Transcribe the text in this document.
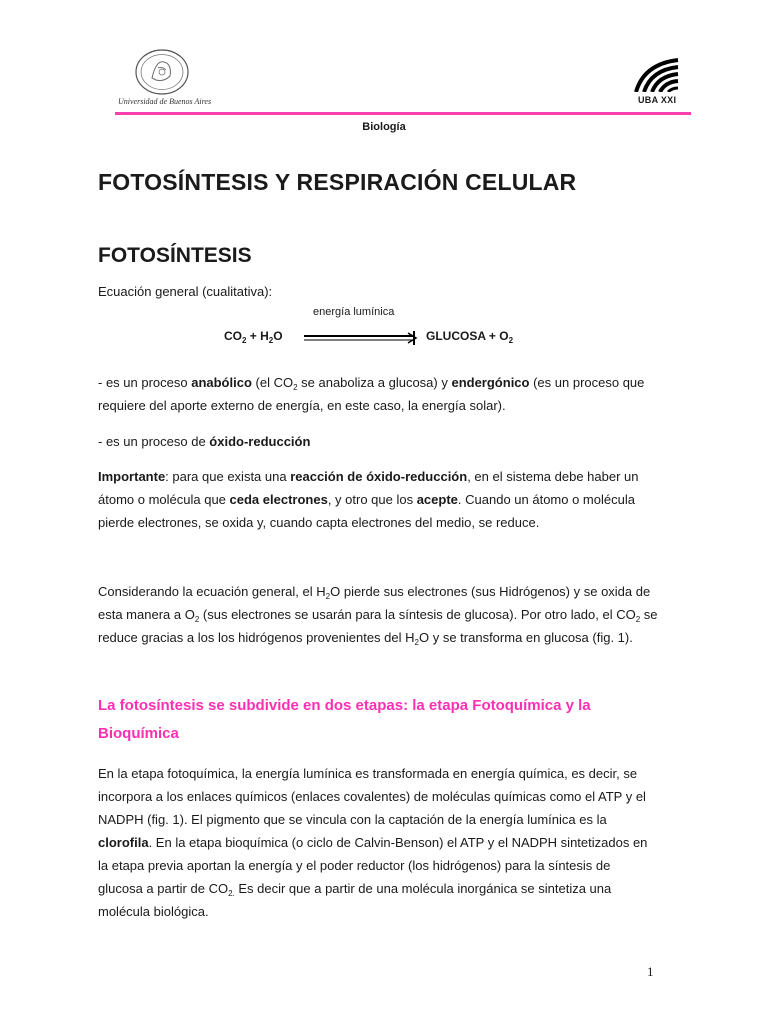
Universidad de Buenos Aires	UBA XXI
Biología
FOTOSÍNTESIS Y RESPIRACIÓN CELULAR
FOTOSÍNTESIS
Ecuación general (cualitativa):
energía lumínica
$CO_2 + H_2O$	GLUCOSA + $O_2$
- es un proceso anabólico (el $CO_2$ se anaboliza a glucosa) y endergónico (es un proceso que requiere del aporte externo de energía, en este caso, la energía solar).
- es un proceso de óxido-reducción
Importante: para que exista una reacción de óxido-reducción, en el sistema debe haber un átomo o molécula que ceda electrones, y otro que los acepte. Cuando un átomo o molécula pierde electrones, se oxida y, cuando capta electrones del medio, se reduce.
Considerando la ecuación general, el $H_2O$ pierde sus electrones (sus Hidrógenos) y se oxida de esta manera a $O_2$ (sus electrones se usarán para la síntesis de glucosa). Por otro lado, el $CO_2$ se reduce gracias a los los hidrógenos provenientes del $H_2O$ y se transforma en glucosa (fig. 1).
La fotosíntesis se subdivide en dos etapas: la etapa Fotoquímica y la Bioquímica
En la etapa fotoquímica, la energía lumínica es transformada en energía química, es decir, se incorpora a los enlaces químicos (enlaces covalentes) de moléculas químicas como el ATP y el NADPH (fig. 1). El pigmento que se vincula con la captación de la energía lumínica es la clorofila. En la etapa bioquímica (o ciclo de Calvin-Benson) el ATP y el NADPH sintetizados en la etapa previa aportan la energía y el poder reductor (los hidrógenos) para la síntesis de glucosa a partir de $CO_{2.}$ Es decir que a partir de una molécula inorgánica se sintetiza una molécula biológica.
1
